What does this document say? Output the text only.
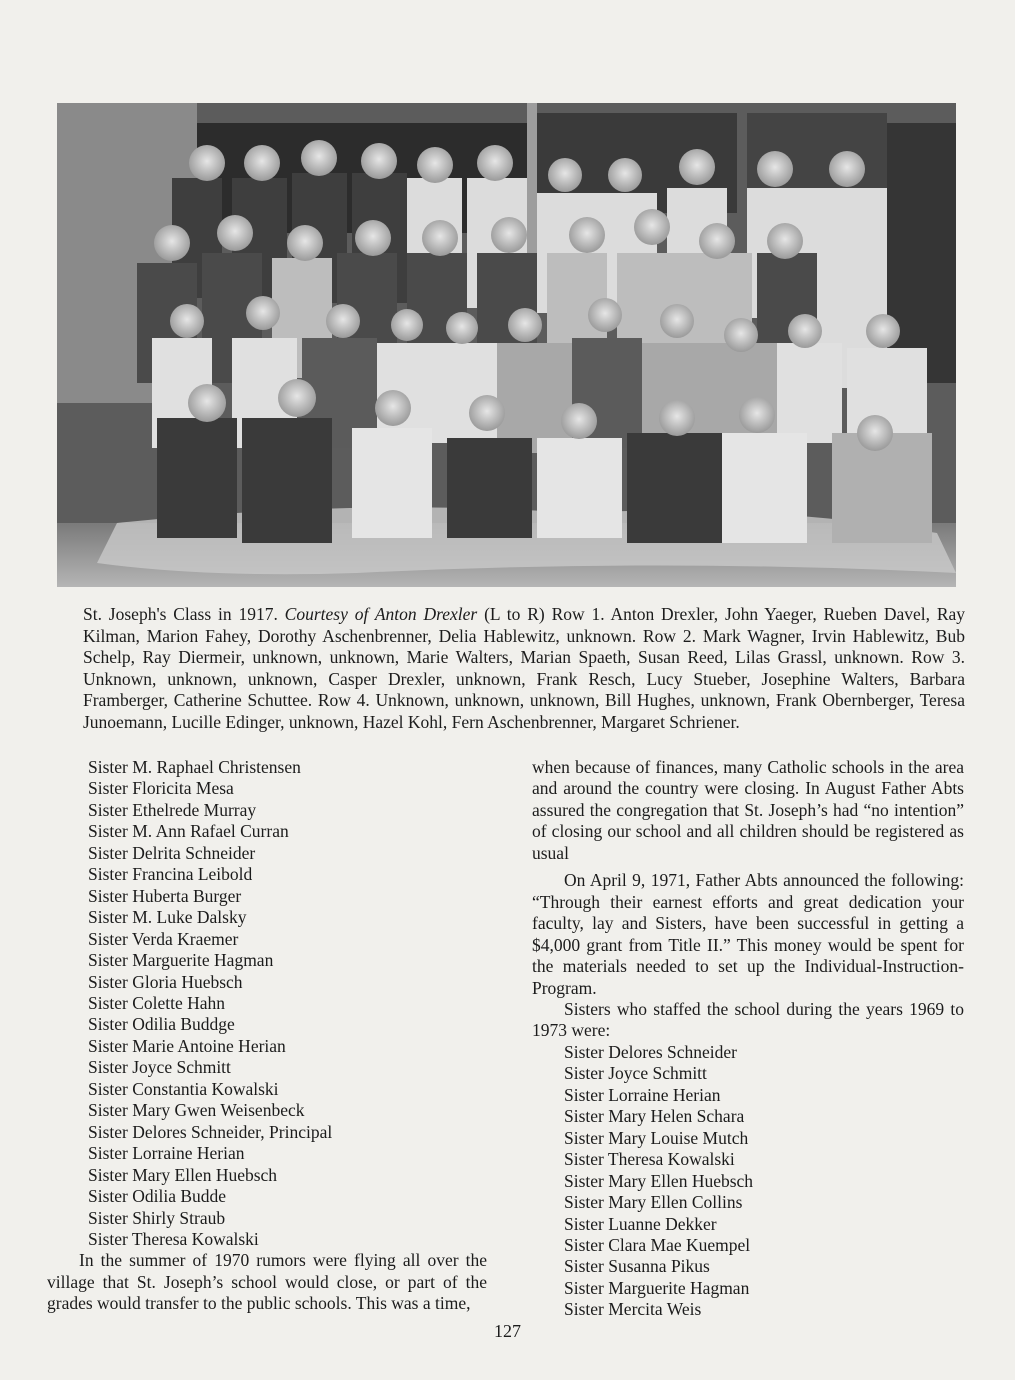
St. Joseph's Class in 1917. Courtesy of Anton Drexler (L to R) Row 1. Anton Drexler, John Yaeger, Rueben Davel, Ray Kilman, Marion Fahey, Dorothy Aschenbrenner, Delia Hablewitz, unknown. Row 2. Mark Wagner, Irvin Hablewitz, Bub Schelp, Ray Diermeir, unknown, unknown, Marie Walters, Marian Spaeth, Susan Reed, Lilas Grassl, unknown. Row 3. Unknown, unknown, unknown, Casper Drexler, unknown, Frank Resch, Lucy Stueber, Josephine Walters, Barbara Framberger, Catherine Schuttee. Row 4. Unknown, unknown, unknown, Bill Hughes, unknown, Frank Obernberger, Teresa Junoemann, Lucille Edinger, unknown, Hazel Kohl, Fern Aschenbrenner, Margaret Schriener.

Sister M. Raphael Christensen
Sister Floricita Mesa
Sister Ethelrede Murray
Sister M. Ann Rafael Curran
Sister Delrita Schneider
Sister Francina Leibold
Sister Huberta Burger
Sister M. Luke Dalsky
Sister Verda Kraemer
Sister Marguerite Hagman
Sister Gloria Huebsch
Sister Colette Hahn
Sister Odilia Buddge
Sister Marie Antoine Herian
Sister Joyce Schmitt
Sister Constantia Kowalski
Sister Mary Gwen Weisenbeck
Sister Delores Schneider, Principal
Sister Lorraine Herian
Sister Mary Ellen Huebsch
Sister Odilia Budde
Sister Shirly Straub
Sister Theresa Kowalski

In the summer of 1970 rumors were flying all over the village that St. Joseph’s school would close, or part of the grades would transfer to the public schools. This was a time,

when because of finances, many Catholic schools in the area and around the country were closing. In August Father Abts assured the congregation that St. Joseph’s had “no intention” of closing our school and all children should be registered as usual

On April 9, 1971, Father Abts announced the following: “Through their earnest efforts and great dedication your faculty, lay and Sisters, have been successful in getting a $4,000 grant from Title II.” This money would be spent for the materials needed to set up the Individual-Instruction-Program.

Sisters who staffed the school during the years 1969 to 1973 were:

Sister Delores Schneider
Sister Joyce Schmitt
Sister Lorraine Herian
Sister Mary Helen Schara
Sister Mary Louise Mutch
Sister Theresa Kowalski
Sister Mary Ellen Huebsch
Sister Mary Ellen Collins
Sister Luanne Dekker
Sister Clara Mae Kuempel
Sister Susanna Pikus
Sister Marguerite Hagman
Sister Mercita Weis
127
